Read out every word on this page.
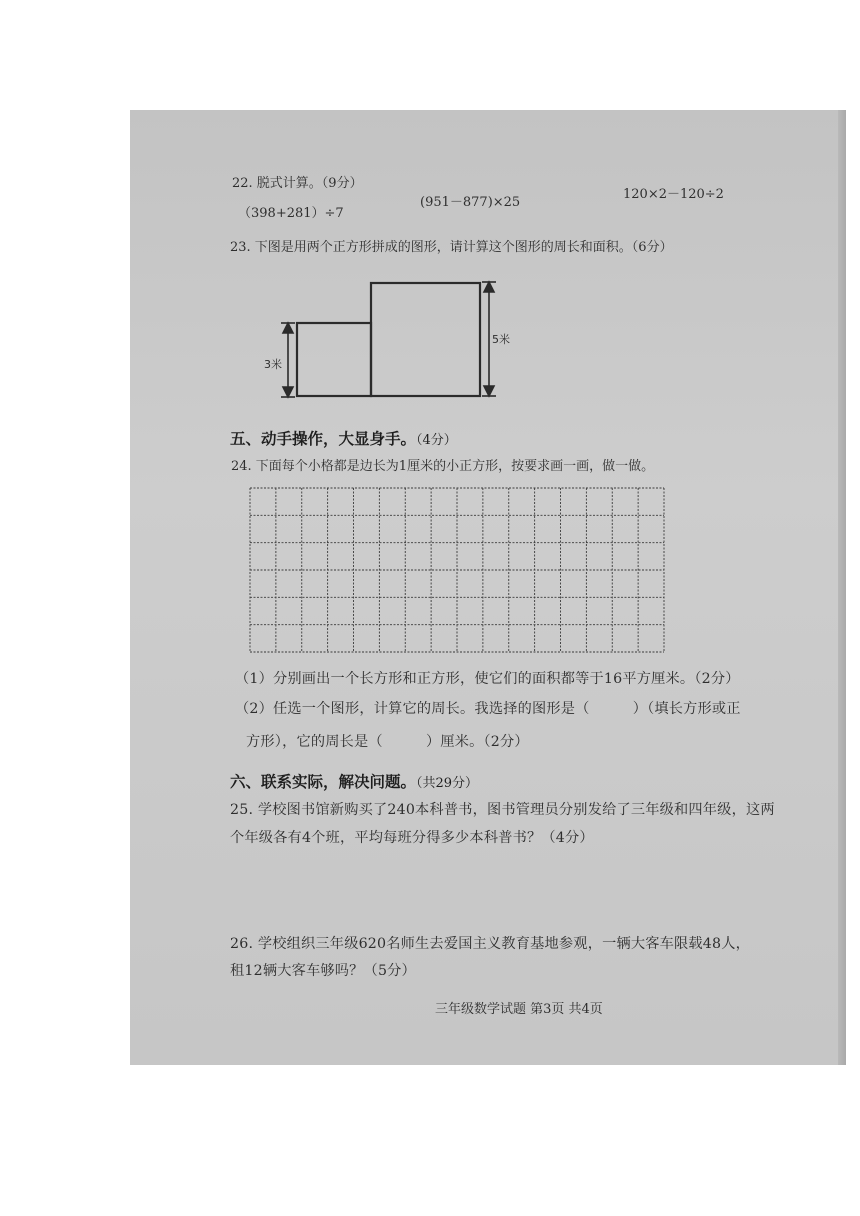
22. 脱式计算。（9分）
（398+281）÷7
(951－877)×25
120×2－120÷2
23. 下图是用两个正方形拼成的图形，请计算这个图形的周长和面积。（6分）
3米
5米
五、动手操作，大显身手。（4分）
24. 下面每个小格都是边长为1厘米的小正方形，按要求画一画，做一做。
（1）分别画出一个长方形和正方形，使它们的面积都等于16平方厘米。（2分）
（2）任选一个图形，计算它的周长。我选择的图形是（　　　）（填长方形或正
方形），它的周长是（　　　）厘米。（2分）
六、联系实际，解决问题。（共29分）
25. 学校图书馆新购买了240本科普书，图书管理员分别发给了三年级和四年级，这两
个年级各有4个班，平均每班分得多少本科普书？（4分）
26. 学校组织三年级620名师生去爱国主义教育基地参观，一辆大客车限载48人，
租12辆大客车够吗？（5分）
三年级数学试题 第3页 共4页
